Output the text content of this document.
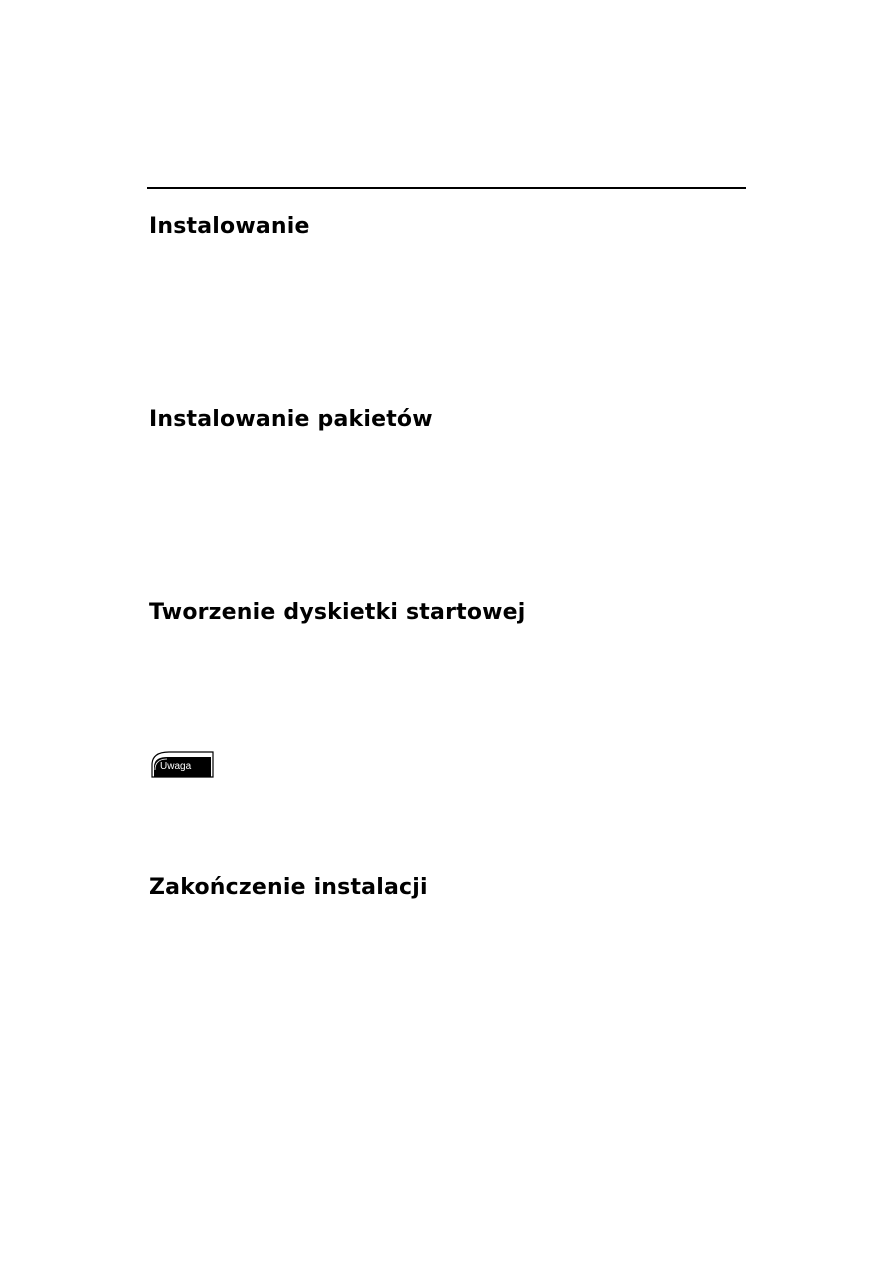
Instalowanie
Instalowanie pakietów
Tworzenie dyskietki startowej
Uwaga
Zakończenie instalacji
